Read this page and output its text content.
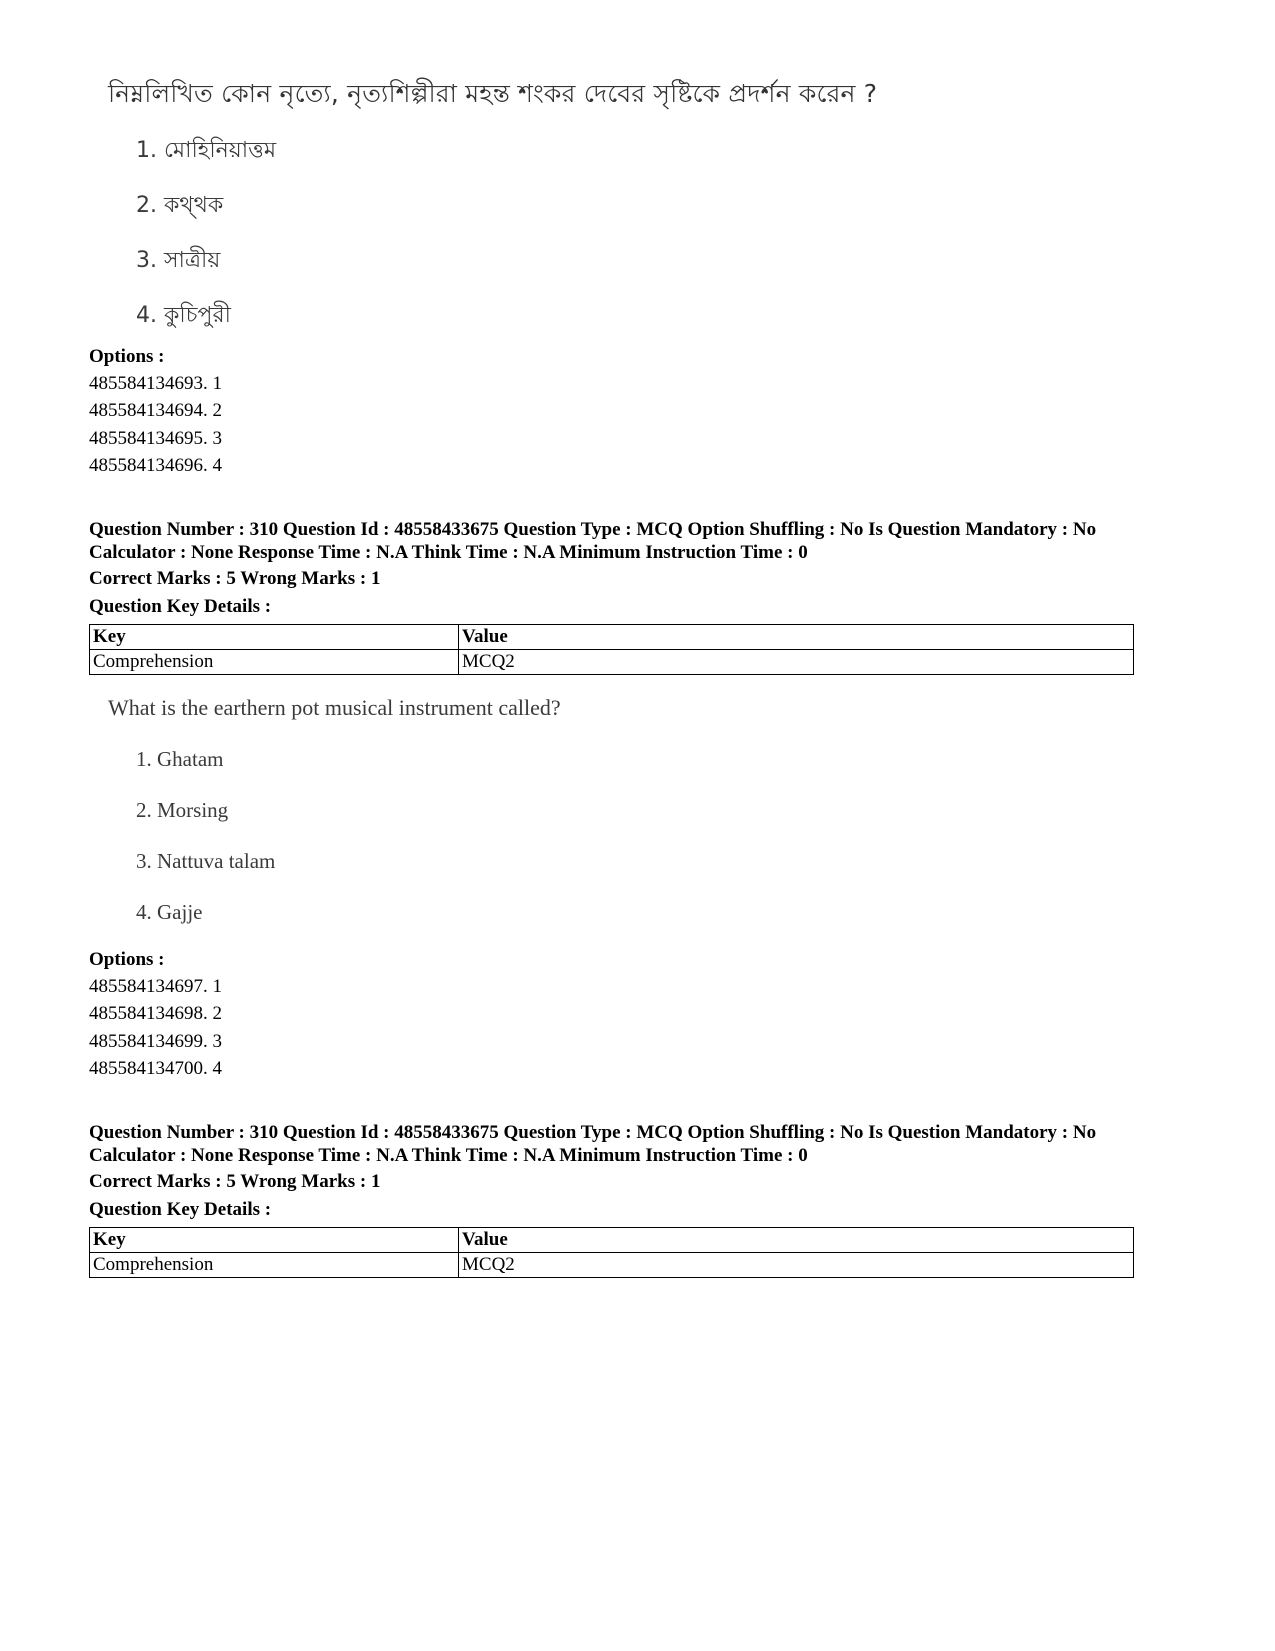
নিম্নলিখিত কোন নৃত্যে, নৃত্যশিল্পীরা মহন্ত শংকর দেবের সৃষ্টিকে প্রদর্শন করেন ?
1. মোহিনিয়াত্তম
2. কথ্থক
3. সাত্রীয়
4. কুচিপুরী
Options :
485584134693. 1
485584134694. 2
485584134695. 3
485584134696. 4
Question Number : 310 Question Id : 48558433675 Question Type : MCQ Option Shuffling : No Is Question Mandatory : No Calculator : None Response Time : N.A Think Time : N.A Minimum Instruction Time : 0
Correct Marks : 5 Wrong Marks : 1
Question Key Details :
Key	Value
Comprehension	MCQ2
What is the earthern pot musical instrument called?
1. Ghatam
2. Morsing
3. Nattuva talam
4. Gajje
Options :
485584134697. 1
485584134698. 2
485584134699. 3
485584134700. 4
Question Number : 310 Question Id : 48558433675 Question Type : MCQ Option Shuffling : No Is Question Mandatory : No Calculator : None Response Time : N.A Think Time : N.A Minimum Instruction Time : 0
Correct Marks : 5 Wrong Marks : 1
Question Key Details :
Key	Value
Comprehension	MCQ2
